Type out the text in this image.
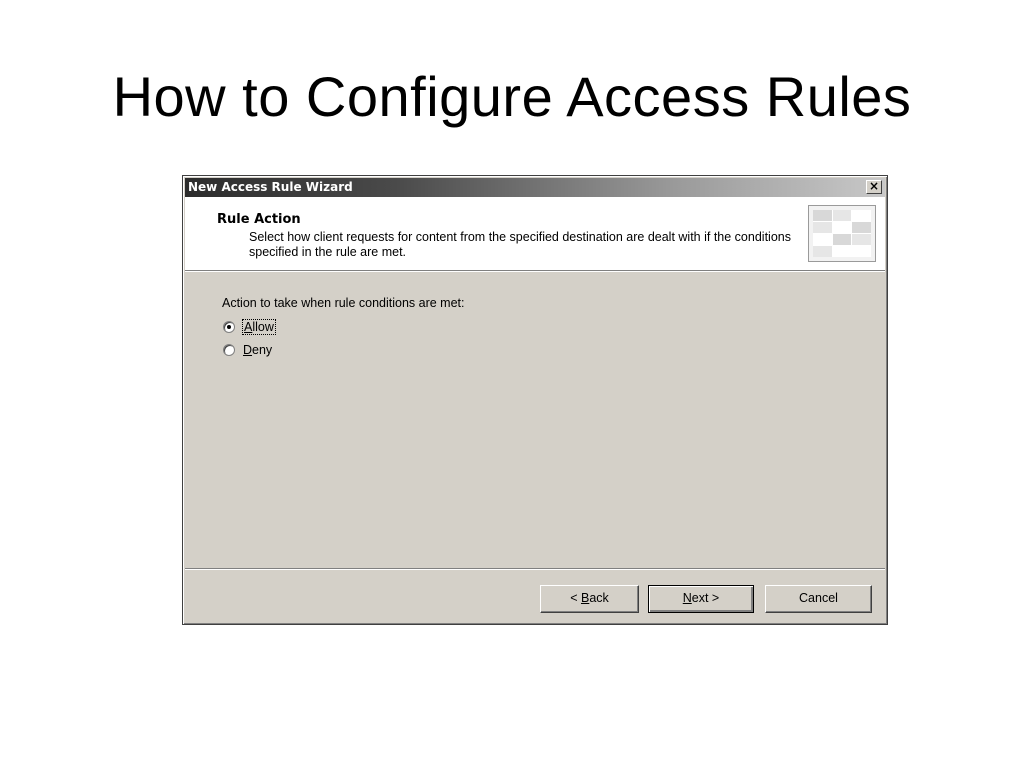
How to Configure Access Rules
New Access Rule Wizard	×
Rule Action
Select how client requests for content from the specified destination are dealt with if the conditions specified in the rule are met.
Action to take when rule conditions are met:
Allow
Deny
< Back	Next >	Cancel
